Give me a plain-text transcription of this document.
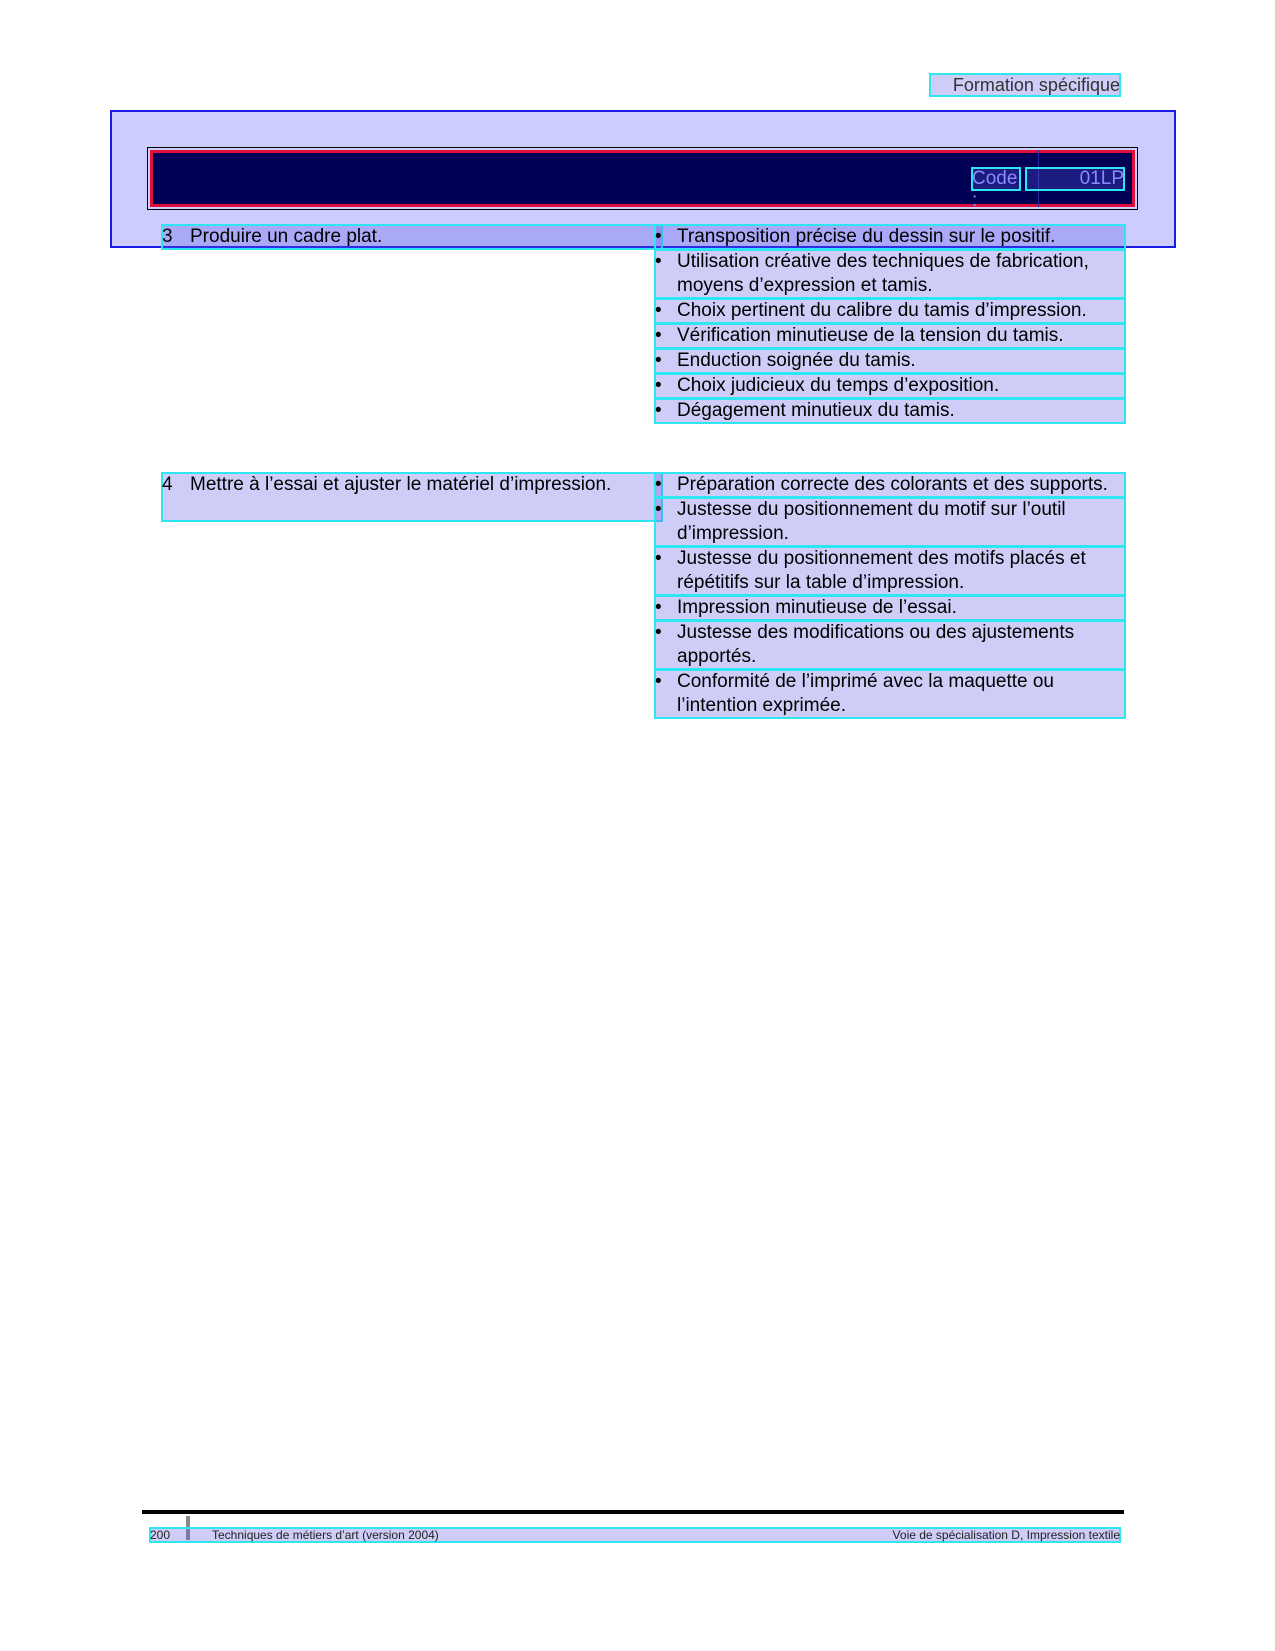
Formation spécifique
Code :
01LP
3 Produire un cadre plat.	• Transposition précise du dessin sur le positif.
• Utilisation créative des techniques de fabrication, moyens d’expression et tamis.
• Choix pertinent du calibre du tamis d’impression.
• Vérification minutieuse de la tension du tamis.
• Enduction soignée du tamis.
• Choix judicieux du temps d’exposition.
• Dégagement minutieux du tamis.
4 Mettre à l’essai et ajuster le matériel d’impression.	• Préparation correcte des colorants et des supports.
• Justesse du positionnement du motif sur l’outil d’impression.
• Justesse du positionnement des motifs placés et répétitifs sur la table d’impression.
• Impression minutieuse de l’essai.
• Justesse des modifications ou des ajustements apportés.
• Conformité de l’imprimé avec la maquette ou l’intention exprimée.
200	Techniques de métiers d’art (version 2004)	Voie de spécialisation D, Impression textile
